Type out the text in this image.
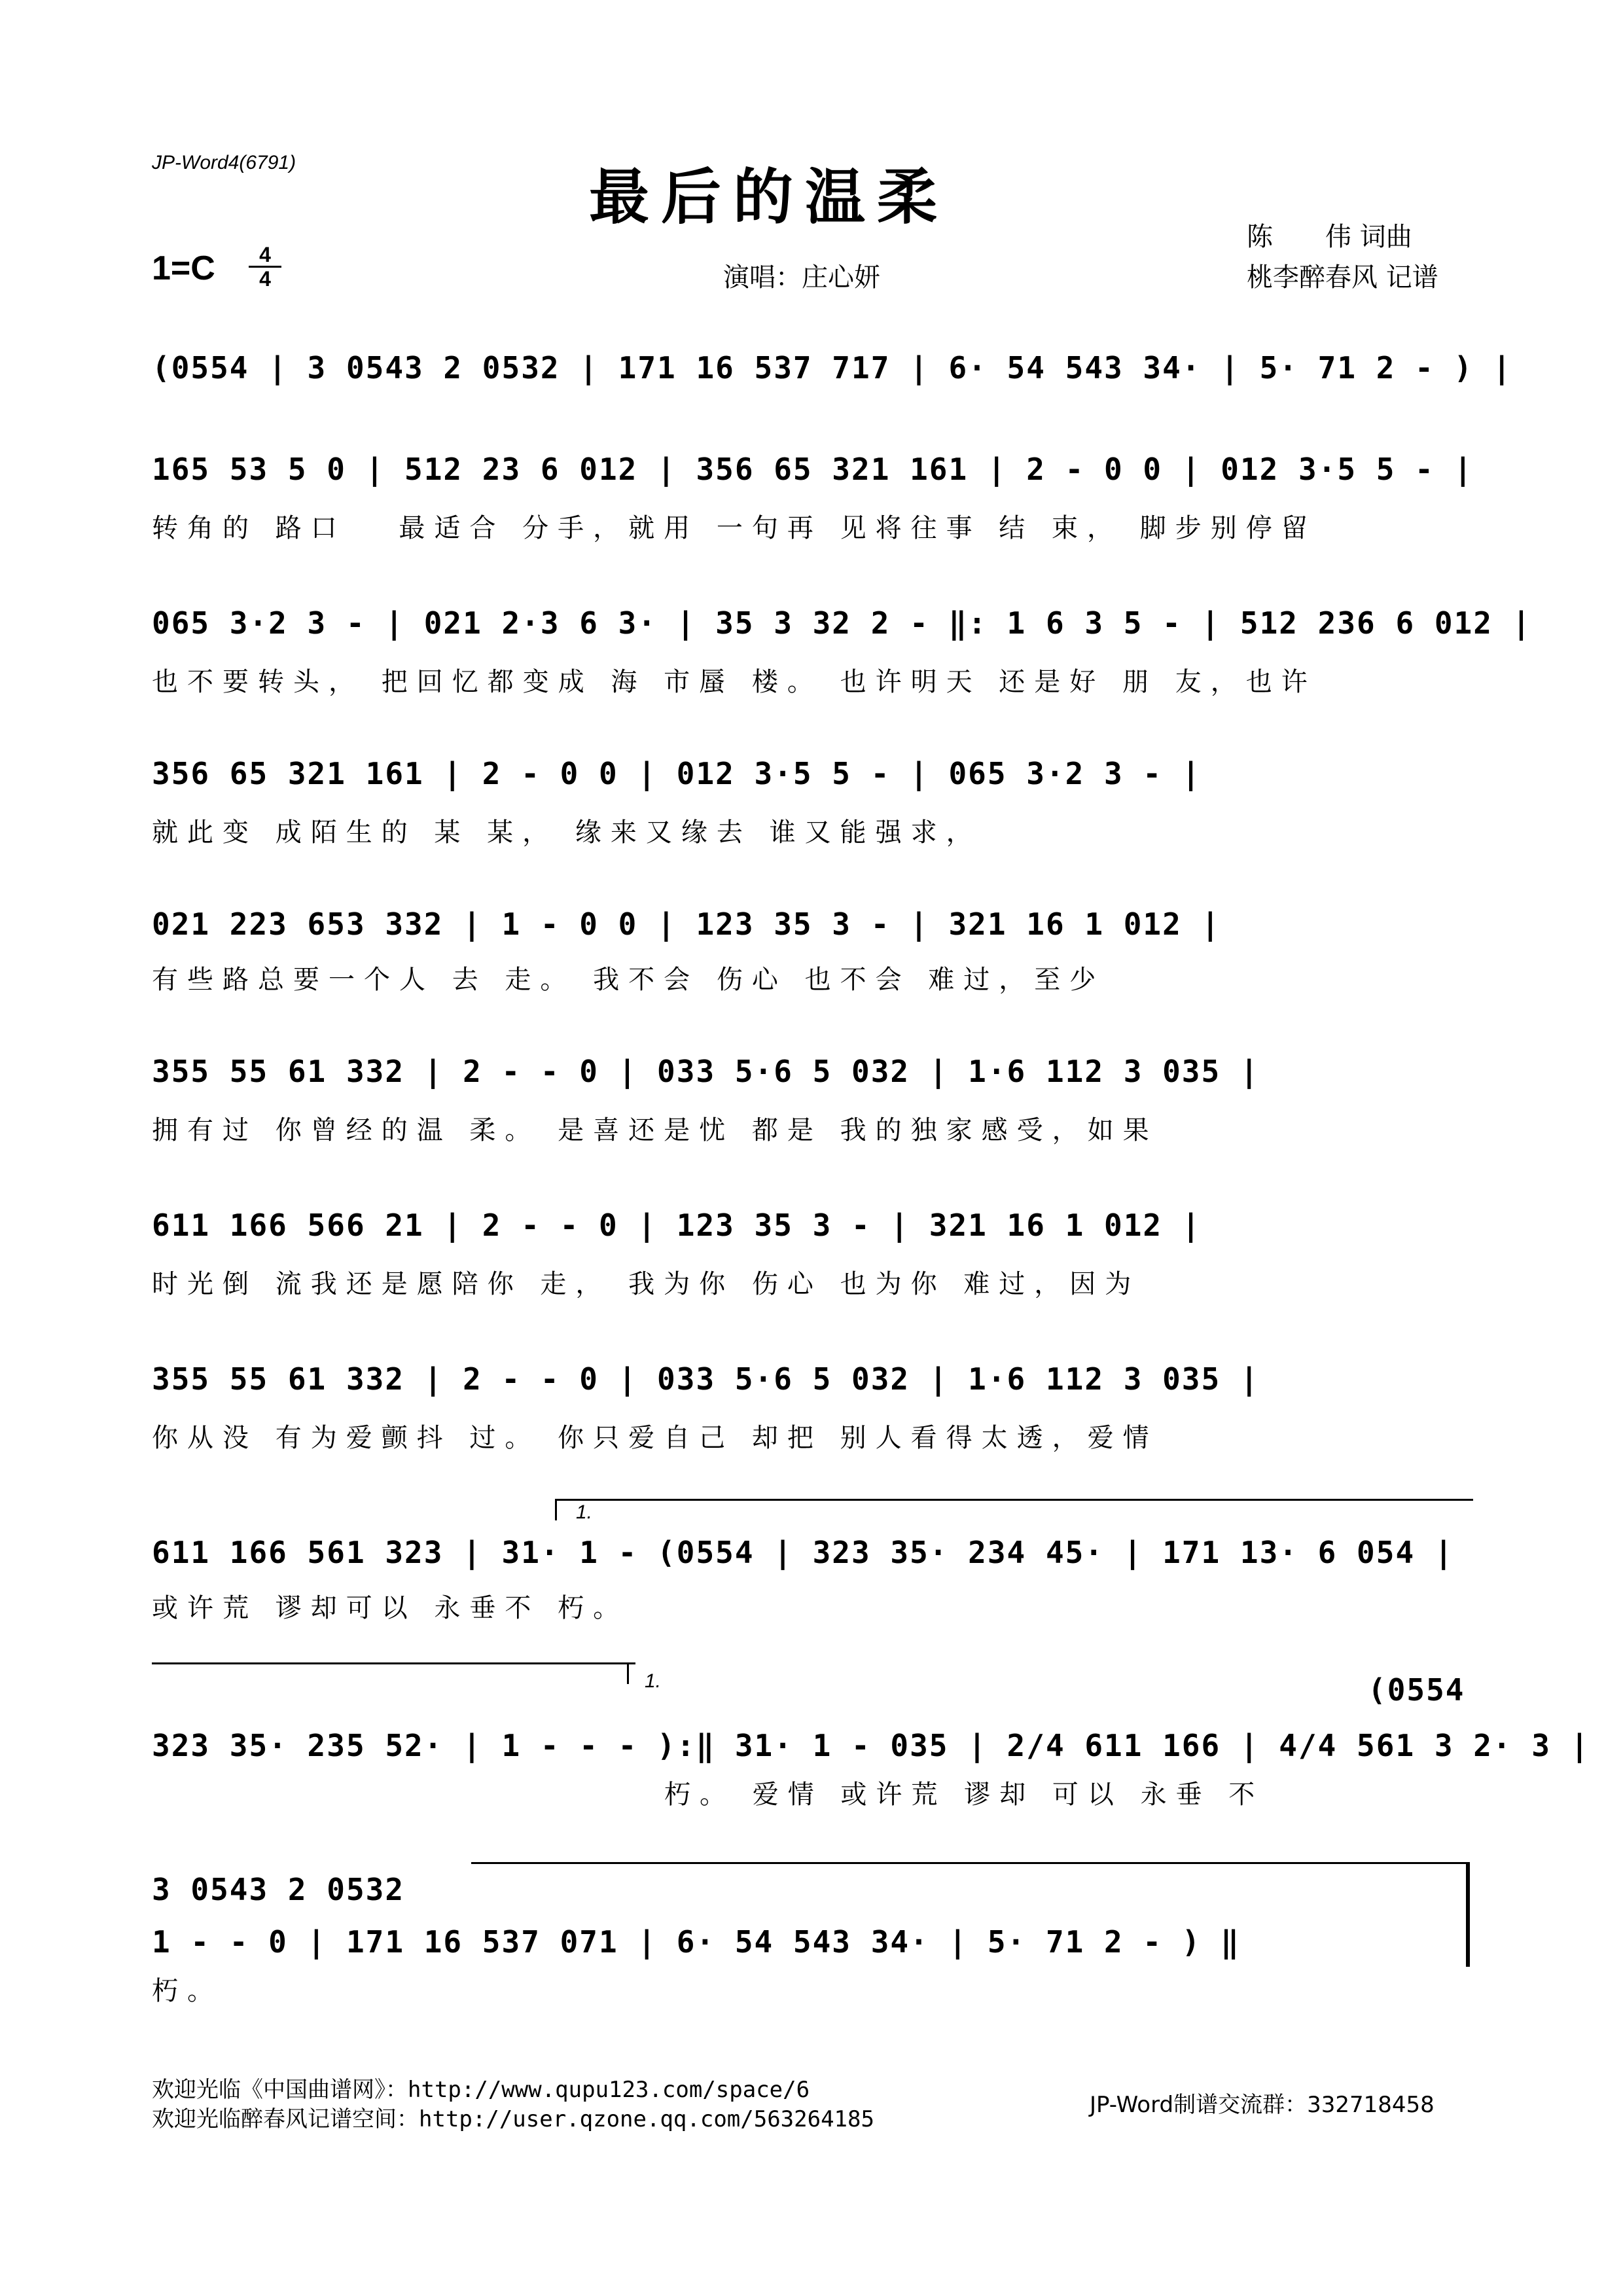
JP-Word4(6791)	最后的温柔
陈　　伟 词曲
演唱：庄心妍	桃李醉春风 记谱
1=C	4
4
(0554 | 3 0543 2 0532 | 171 16 537 717 | 6· 54 543 34· | 5· 71 2 - ) |
165 53 5 0 | 512 23 6 012 | 356 65 321 161 | 2 - 0 0 | 012 3·5 5 - |
转角的 路口　 最适合 分手，就用 一句再 见将往事 结 束， 脚步别停留
065 3·2 3 - | 021 2·3 6 3· | 35 3 32 2 - ‖: 1 6 3 5 - | 512 236 6 012 |
也不要转头， 把回忆都变成 海 市蜃 楼。 也许明天 还是好 朋 友，也许
356 65 321 161 | 2 - 0 0 | 012 3·5 5 - | 065 3·2 3 - |
就此变 成陌生的 某 某， 缘来又缘去 谁又能强求，
021 223 653 332 | 1 - 0 0 | 123 35 3 - | 321 16 1 012 |
有些路总要一个人 去 走。 我不会 伤心 也不会 难过，至少
355 55 61 332 | 2 - - 0 | 033 5·6 5 032 | 1·6 112 3 035 |
拥有过 你曾经的温 柔。 是喜还是忧 都是 我的独家感受，如果
611 166 566 21 | 2 - - 0 | 123 35 3 - | 321 16 1 012 |
时光倒 流我还是愿陪你 走， 我为你 伤心 也为你 难过，因为
355 55 61 332 | 2 - - 0 | 033 5·6 5 032 | 1·6 112 3 035 |
你从没 有为爱颤抖 过。 你只爱自己 却把 别人看得太透，爱情
1.
611 166 561 323 | 31· 1 - (0554 | 323 35· 234 45· | 171 13· 6 054 |
或许荒 谬却可以 永垂不 朽。
1.	(0554
323 35· 235 52· | 1 - - - ):‖ 31· 1 - 035 | 2/4 611 166 | 4/4 561 3 2· 3 |
朽。 爱情 或许荒 谬却 可以 永垂 不
3 0543 2 0532
1 - - 0 | 171 16 537 071 | 6· 54 543 34· | 5· 71 2 - ) ‖
朽。
欢迎光临《中国曲谱网》：http://www.qupu123.com/space/6
欢迎光临醉春风记谱空间：http://user.qzone.qq.com/563264185
JP-Word制谱交流群：332718458
